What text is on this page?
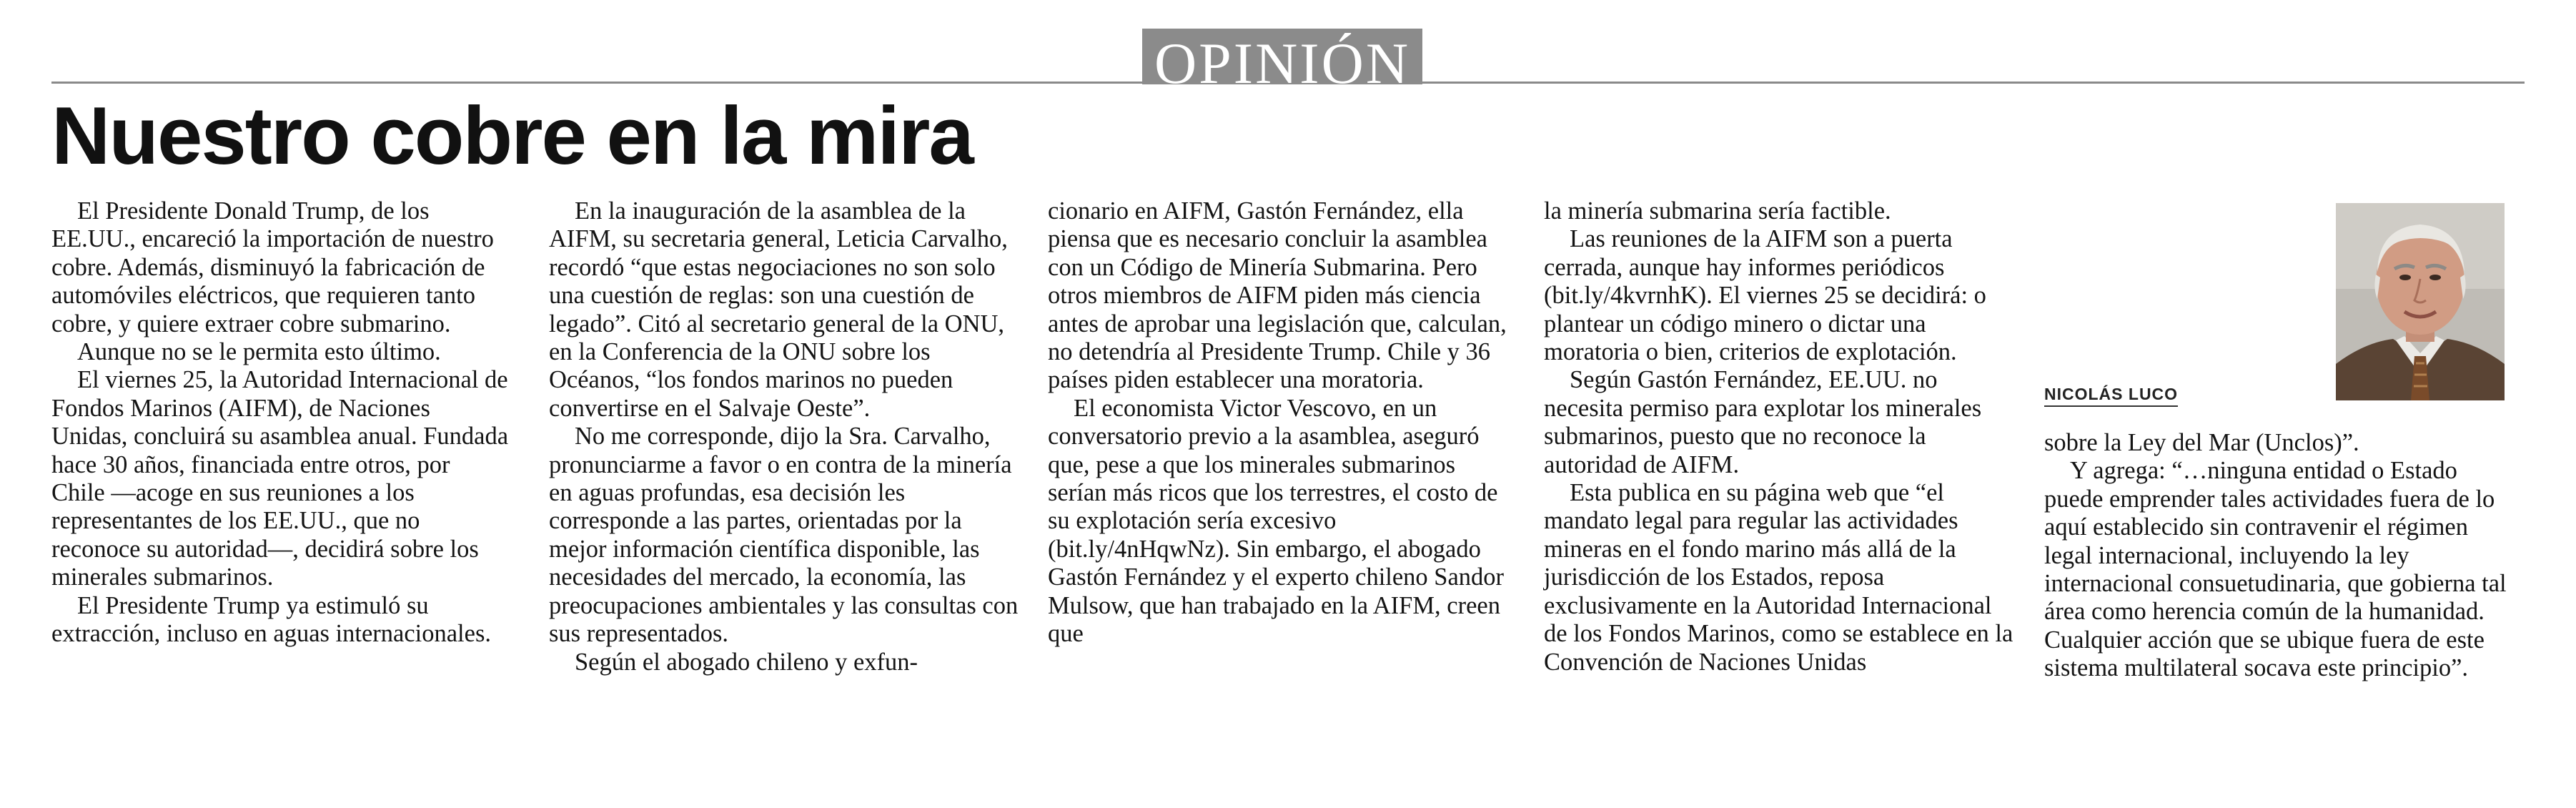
OPINIÓN
Nuestro cobre en la mira

El Presidente Donald Trump, de los EE.UU., encareció la importación de nuestro cobre. Además, disminuyó la fabricación de automóviles eléctricos, que requieren tanto cobre, y quiere extraer cobre submarino.

Aunque no se le permita esto último.

El viernes 25, la Autoridad Internacional de Fondos Marinos (AIFM), de Naciones Unidas, concluirá su asamblea anual. Fundada hace 30 años, financiada entre otros, por Chile —acoge en sus reuniones a los representantes de los EE.UU., que no reconoce su autoridad—, decidirá sobre los minerales submarinos.

El Presidente Trump ya estimuló su extracción, incluso en aguas internacionales.

En la inauguración de la asamblea de la AIFM, su secretaria general, Leticia Carvalho, recordó “que estas negociaciones no son solo una cuestión de reglas: son una cuestión de legado”. Citó al secretario general de la ONU, en la Conferencia de la ONU sobre los Océanos, “los fondos marinos no pueden convertirse en el Salvaje Oeste”.

No me corresponde, dijo la Sra. Carvalho, pronunciarme a favor o en contra de la minería en aguas profundas, esa decisión les corresponde a las partes, orientadas por la mejor información científica disponible, las necesidades del mercado, la economía, las preocupaciones ambientales y las consultas con sus representados.

Según el abogado chileno y exfun-

cionario en AIFM, Gastón Fernández, ella piensa que es necesario concluir la asamblea con un Código de Minería Submarina. Pero otros miembros de AIFM piden más ciencia antes de aprobar una legislación que, calculan, no detendría al Presidente Trump. Chile y 36 países piden establecer una moratoria.

El economista Victor Vescovo, en un conversatorio previo a la asamblea, aseguró que, pese a que los minerales submarinos serían más ricos que los terrestres, el costo de su explotación sería excesivo (bit.ly/4nHqwNz). Sin embargo, el abogado Gastón Fernández y el experto chileno Sandor Mulsow, que han trabajado en la AIFM, creen que

la minería submarina sería factible.

Las reuniones de la AIFM son a puerta cerrada, aunque hay informes periódicos (bit.ly/4kvrnhK). El viernes 25 se decidirá: o plantear un código minero o dictar una moratoria o bien, criterios de explotación.

Según Gastón Fernández, EE.UU. no necesita permiso para explotar los minerales submarinos, puesto que no reconoce la autoridad de AIFM.

Esta publica en su página web que “el mandato legal para regular las actividades mineras en el fondo marino más allá de la jurisdicción de los Estados, reposa exclusivamente en la Autoridad Internacional de los Fondos Marinos, como se establece en la Convención de Naciones Unidas

NICOLÁS LUCO

sobre la Ley del Mar (Unclos)”.

Y agrega: “…ninguna entidad o Estado puede emprender tales actividades fuera de lo aquí establecido sin contravenir el régimen legal internacional, incluyendo la ley internacional consuetudinaria, que gobierna tal área como herencia común de la humanidad. Cualquier acción que se ubique fuera de este sistema multilateral socava este principio”.
